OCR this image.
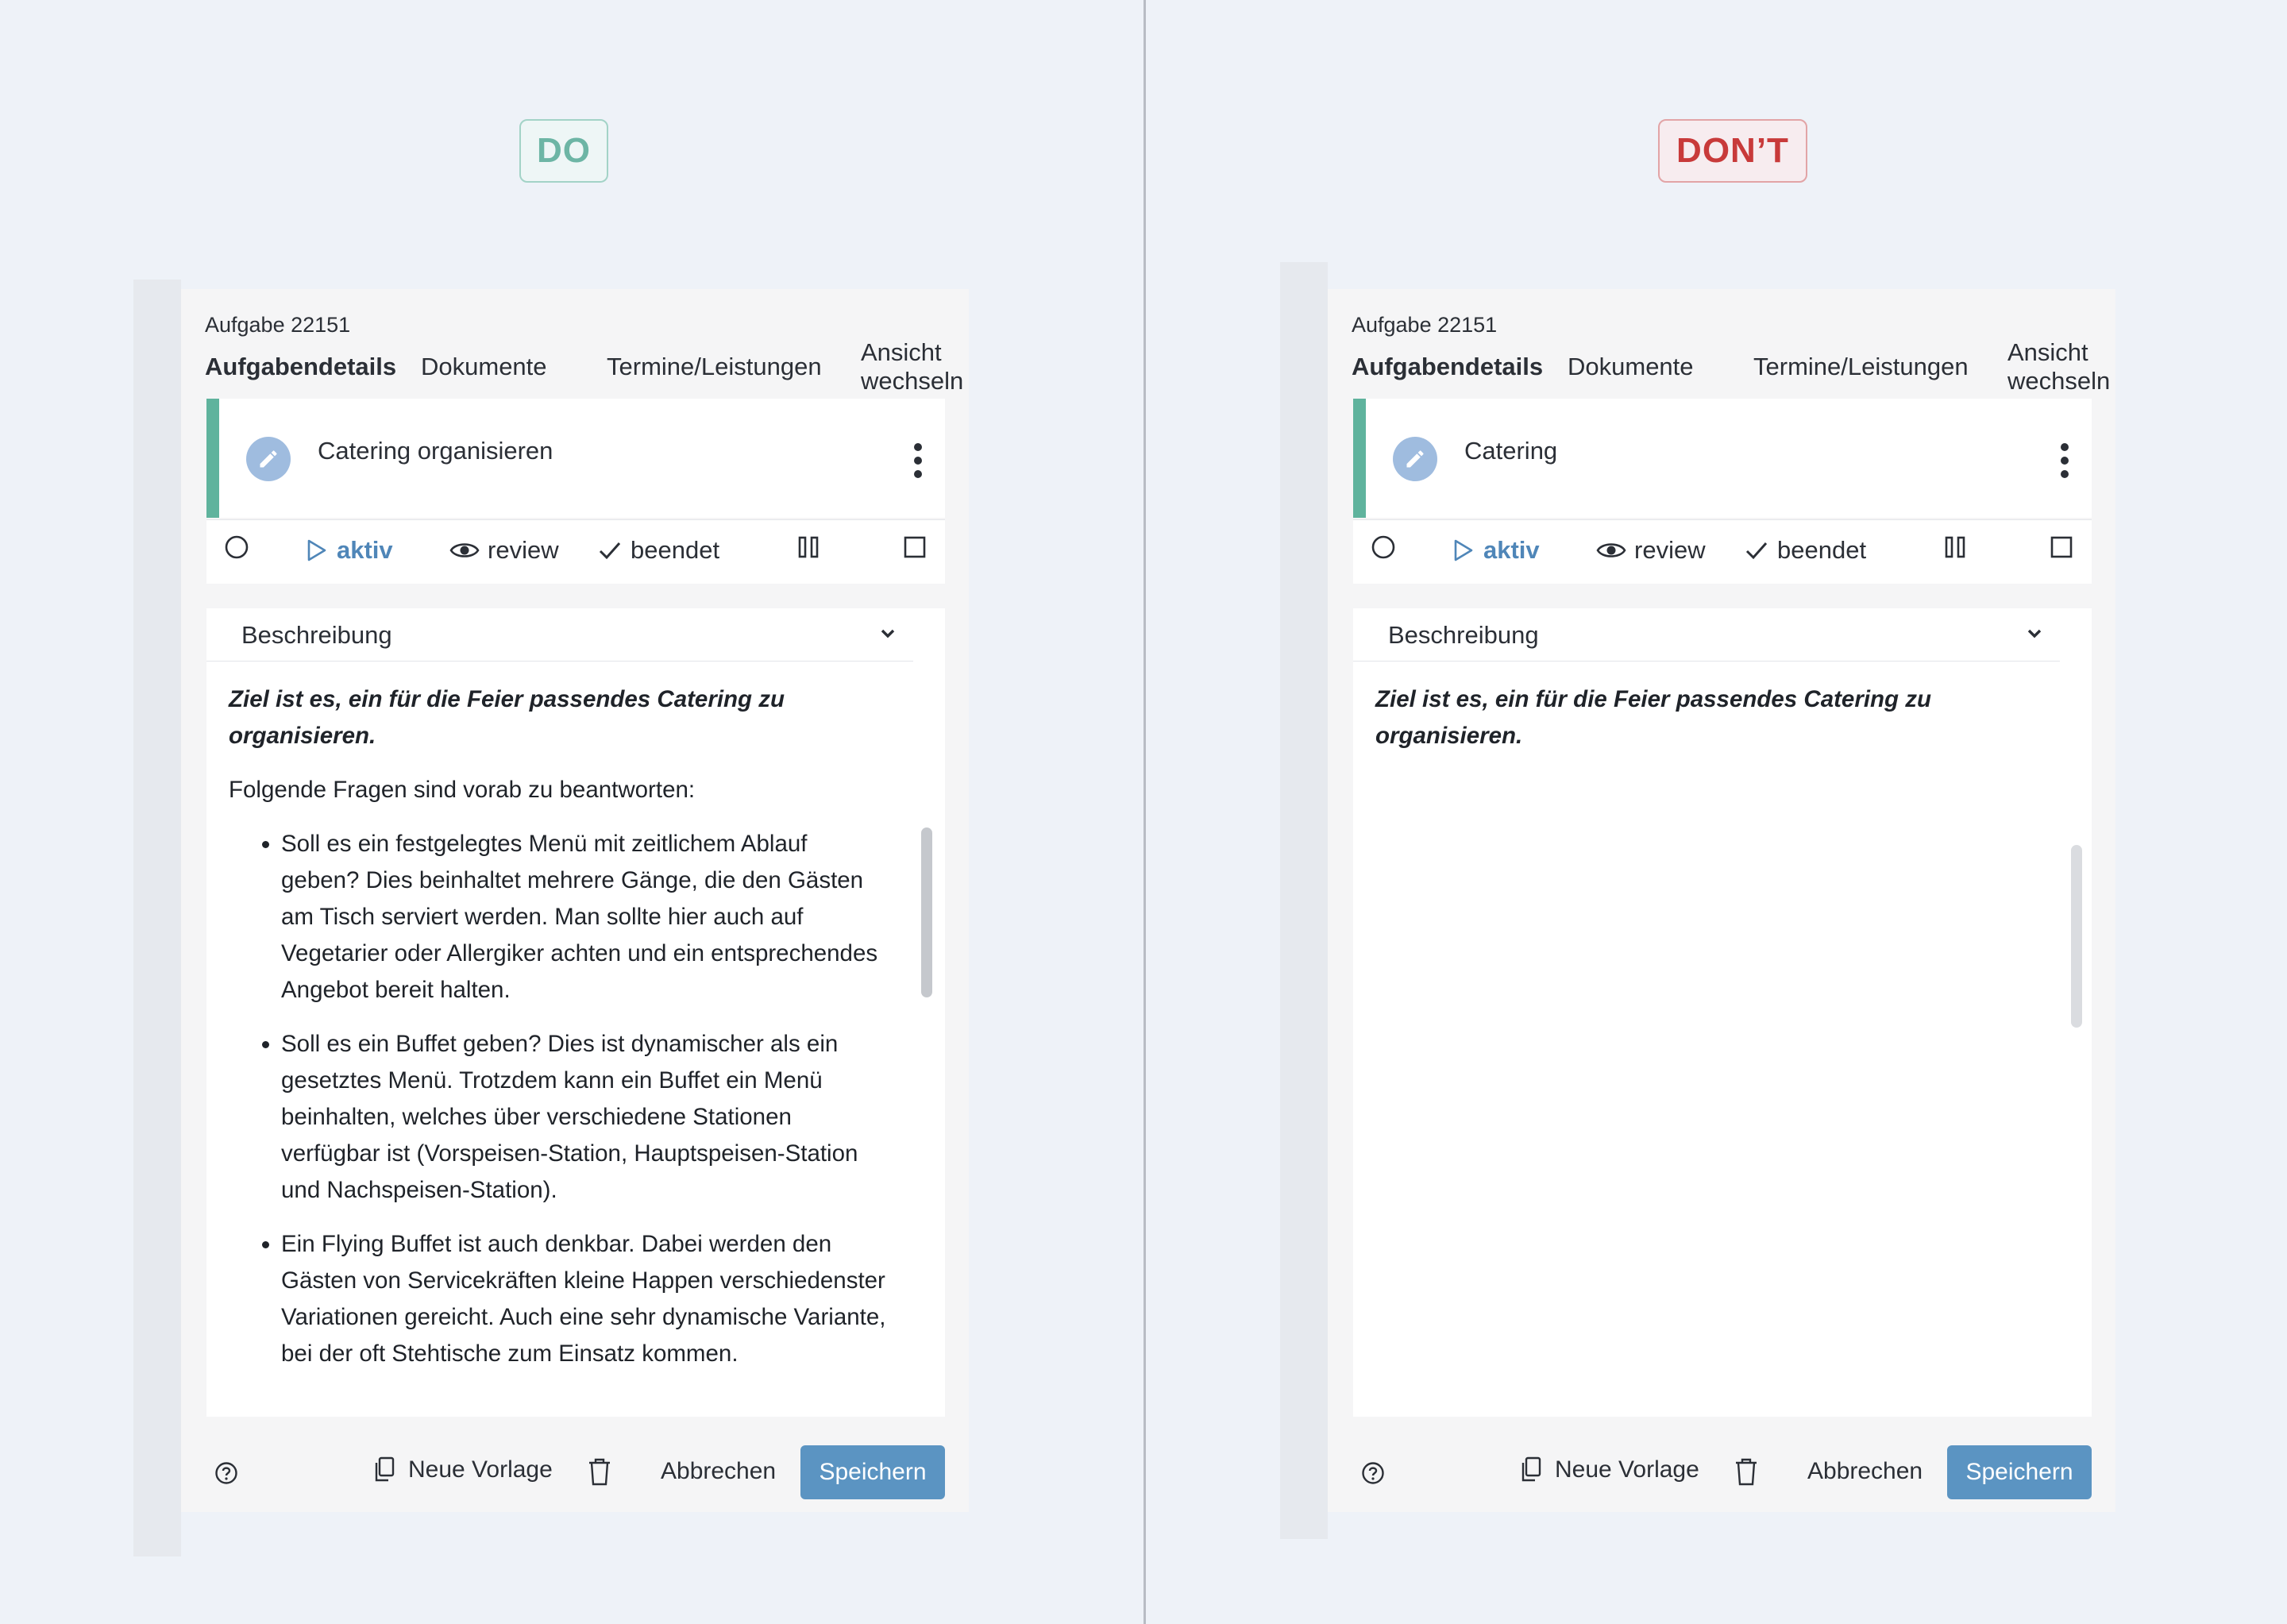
DO	DON’T
Aufgabe 22151
Aufgabendetails Dokumente Termine/Leistungen
Ansicht wechseln
Catering organisieren
aktiv	review	beendet
Beschreibung

Ziel ist es, ein für die Feier passendes Catering zu organisieren.

Folgende Fragen sind vorab zu beantworten:

• Soll es ein festgelegtes Menü mit zeitlichem Ablauf geben? Dies beinhaltet mehrere Gänge, die den Gästen am Tisch serviert werden. Man sollte hier auch auf Vegetarier oder Allergiker achten und ein entsprechendes Angebot bereit halten.
• Soll es ein Buffet geben? Dies ist dynamischer als ein gesetztes Menü. Trotzdem kann ein Buffet ein Menü beinhalten, welches über verschiedene Stationen verfügbar ist (Vorspeisen-Station, Hauptspeisen-Station und Nachspeisen-Station).
• Ein Flying Buffet ist auch denkbar. Dabei werden den Gästen von Servicekräften kleine Happen verschiedenster Variationen gereicht. Auch eine sehr dynamische Variante, bei der oft Stehtische zum Einsatz kommen.
Neue Vorlage	Abbrechen	Speichern
Aufgabe 22151
Aufgabendetails Dokumente Termine/Leistungen
Ansicht wechseln
Catering
aktiv	review	beendet
Beschreibung

Ziel ist es, ein für die Feier passendes Catering zu organisieren.

Neue Vorlage	Abbrechen	Speichern
